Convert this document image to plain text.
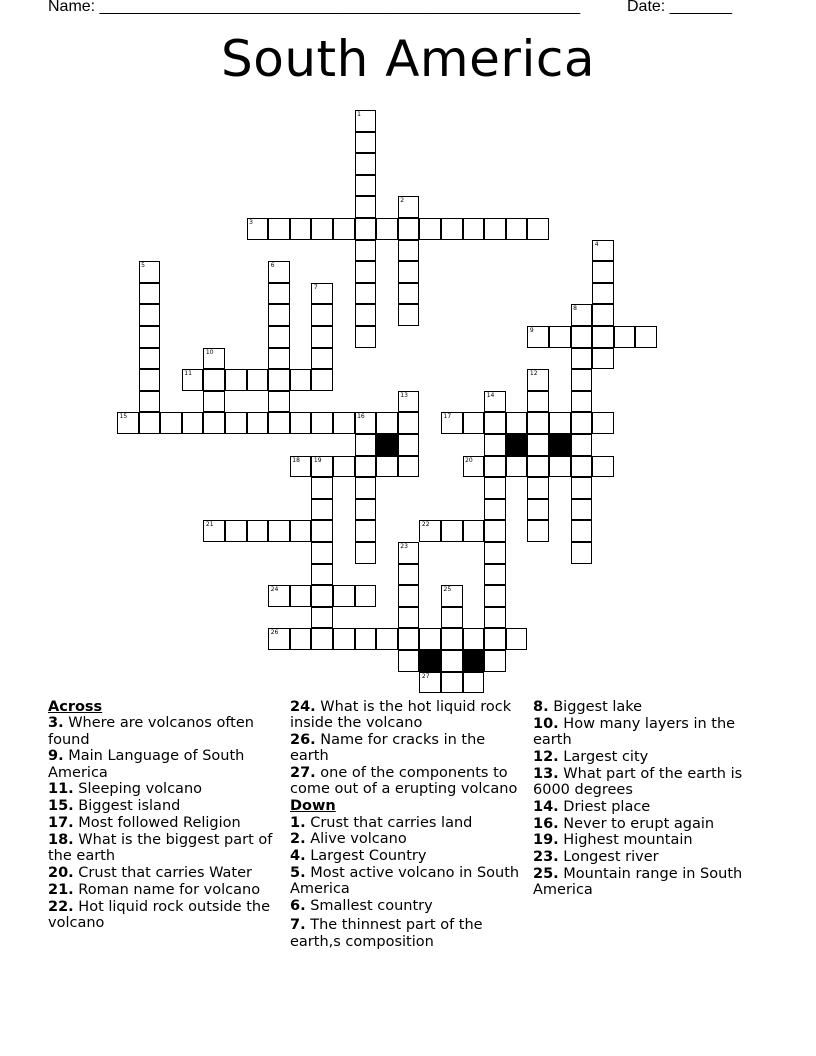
Name: ______________________________________________________	Date: _______
South America
1
2
3
4
5	6
7
8
9
10
11	12
13	14
15	16	17
18 19	20
21	22
23
24	25
26
27
Across
3. Where are volcanos often found
9. Main Language of South America
11. Sleeping volcano
15. Biggest island
17. Most followed Religion
18. What is the biggest part of the earth
20. Crust that carries Water
21. Roman name for volcano
22. Hot liquid rock outside the volcano
24. What is the hot liquid rock inside the volcano
26. Name for cracks in the earth
27. one of the components to come out of a erupting volcano
Down
1. Crust that carries land
2. Alive volcano
4. Largest Country
5. Most active volcano in South America
6. Smallest country
7. The thinnest part of the earth,s composition
8. Biggest lake
10. How many layers in the earth
12. Largest city
13. What part of the earth is 6000 degrees
14. Driest place
16. Never to erupt again
19. Highest mountain
23. Longest river
25. Mountain range in South America
